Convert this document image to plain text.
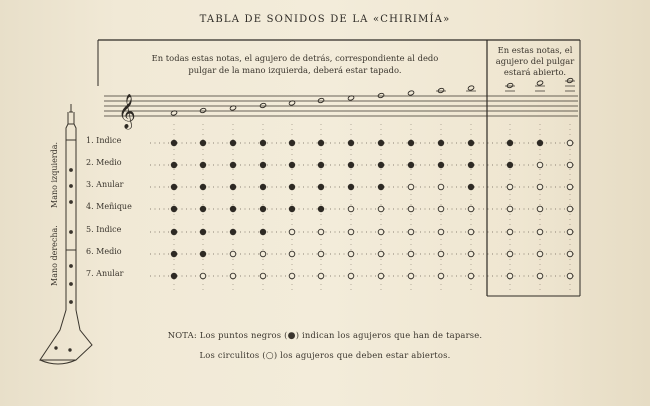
TABLA DE SONIDOS DE LA «CHIRIMÍA»
𝄞
En todas estas notas, el agujero de detrás, correspondiente al dedo pulgar de la mano izquierda, deberá estar tapado.
En estas notas, el agujero del pulgar estará abierto.
Mano izquierda.
Mano derecha.
1. Indice
2. Medio
3. Anular
4. Meñique
5. Indice
6. Medio
7. Anular
NOTA: Los puntos negros (●) indican los agujeros que han de taparse.
Los circulitos (○) los agujeros que deben estar abiertos.
